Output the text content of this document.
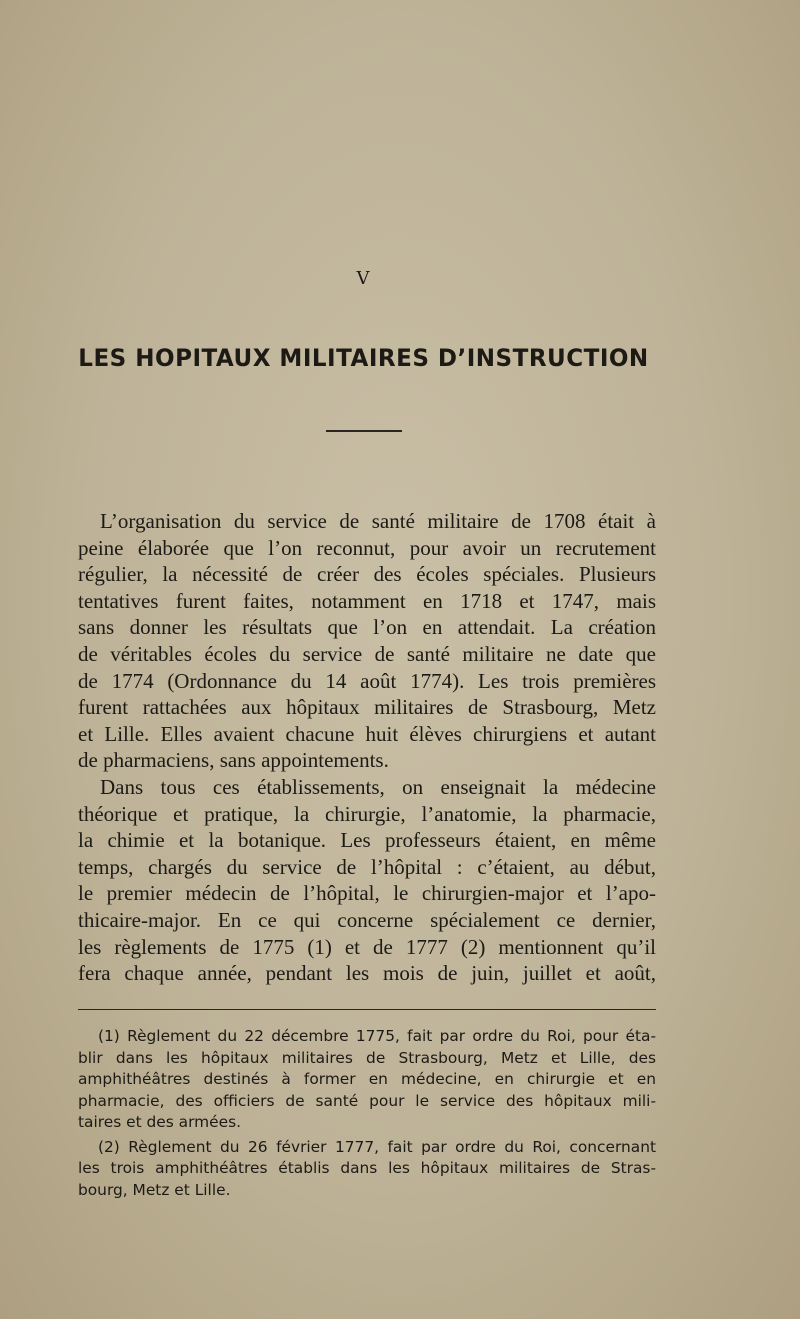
V
LES HOPITAUX MILITAIRES D’INSTRUCTION

L’organisation du service de santé militaire de 1708 était à
peine élaborée que l’on reconnut, pour avoir un recrutement
régulier, la nécessité de créer des écoles spéciales. Plusieurs
tentatives furent faites, notamment en 1718 et 1747, mais
sans donner les résultats que l’on en attendait. La création
de véritables écoles du service de santé militaire ne date que
de 1774 (Ordonnance du 14 août 1774). Les trois premières
furent rattachées aux hôpitaux militaires de Strasbourg, Metz
et Lille. Elles avaient chacune huit élèves chirurgiens et autant
de pharmaciens, sans appointements.

Dans tous ces établissements, on enseignait la médecine
théorique et pratique, la chirurgie, l’anatomie, la pharmacie,
la chimie et la botanique. Les professeurs étaient, en même
temps, chargés du service de l’hôpital : c’étaient, au début,
le premier médecin de l’hôpital, le chirurgien-major et l’apo-
thicaire-major. En ce qui concerne spécialement ce dernier,
les règlements de 1775 (1) et de 1777 (2) mentionnent qu’il
fera chaque année, pendant les mois de juin, juillet et août,

(1) Règlement du 22 décembre 1775, fait par ordre du Roi, pour éta-
blir dans les hôpitaux militaires de Strasbourg, Metz et Lille, des
amphithéâtres destinés à former en médecine, en chirurgie et en
pharmacie, des officiers de santé pour le service des hôpitaux mili-
taires et des armées.
(2) Règlement du 26 février 1777, fait par ordre du Roi, concernant
les trois amphithéâtres établis dans les hôpitaux militaires de Stras-
bourg, Metz et Lille.
